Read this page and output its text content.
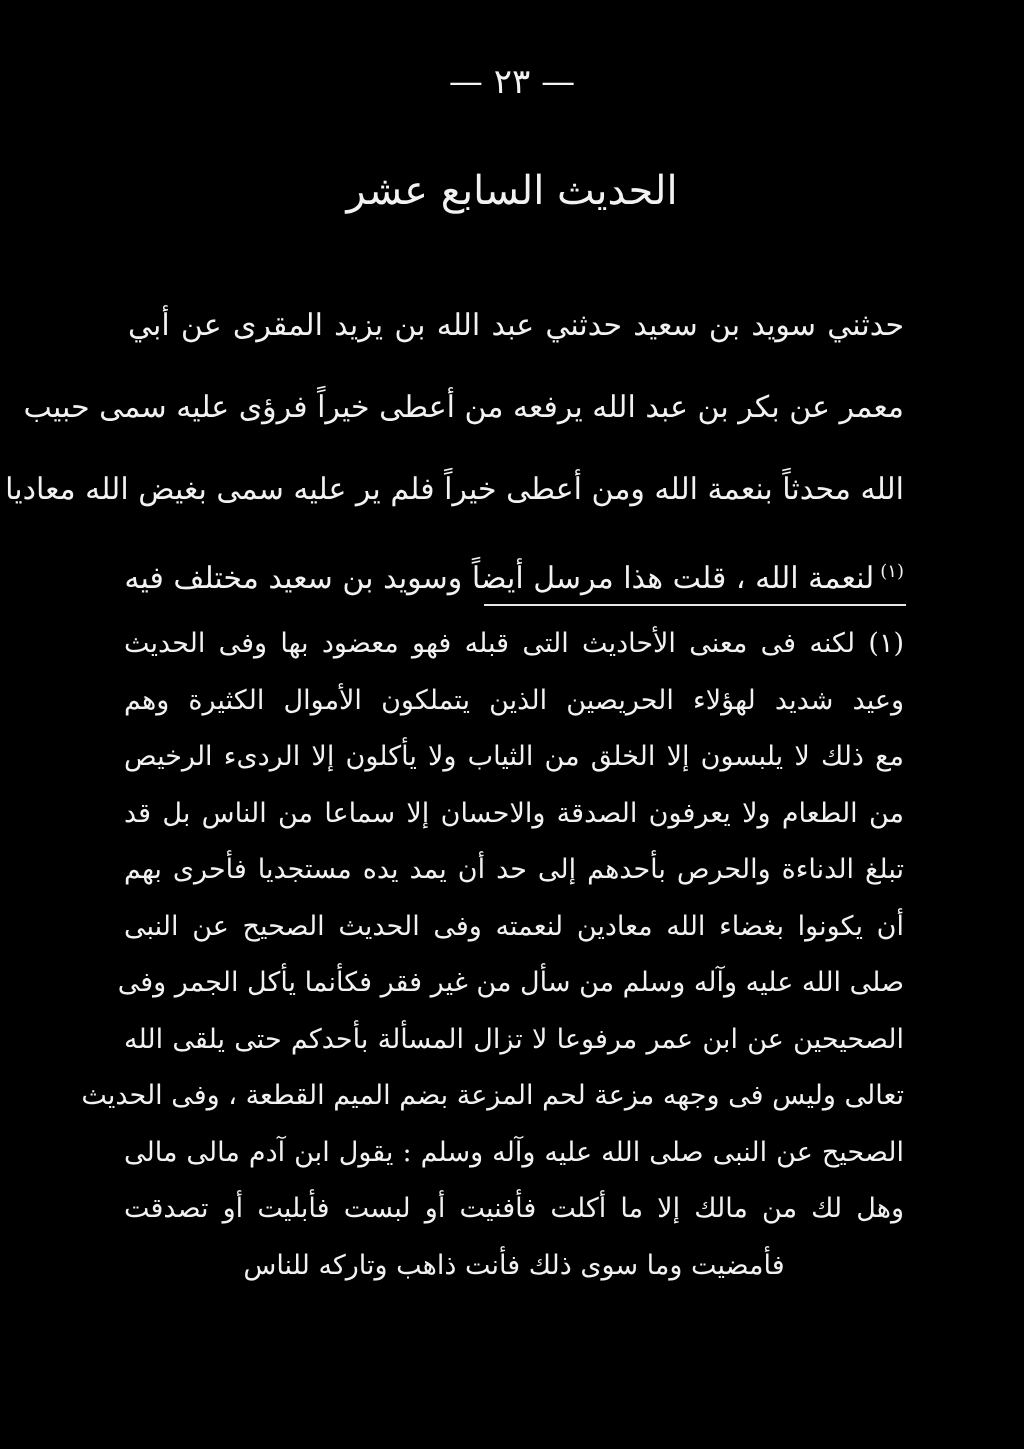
— ٢٣ —
الحديث السابع عشر
حدثني سويد بن سعيد حدثني عبد الله بن يزيد المقرى عن أبي
معمر عن بكر بن عبد الله يرفعه من أعطى خيراً فرؤى عليه سمى حبيب
الله محدثاً بنعمة الله ومن أعطى خيراً فلم ير عليه سمى بغيض الله معاديا
$^{(١)}$لنعمة الله ، قلت هذا مرسل أيضاً وسويد بن سعيد مختلف فيه
(١) لكنه فى معنى الأحاديث التى قبله فهو معضود بها وفى الحديث
وعيد شديد لهؤلاء الحريصين الذين يتملكون الأموال الكثيرة وهم
مع ذلك لا يلبسون إلا الخلق من الثياب ولا يأكلون إلا الردىء الرخيص
من الطعام ولا يعرفون الصدقة والاحسان إلا سماعا من الناس بل قد
تبلغ الدناءة والحرص بأحدهم إلى حد أن يمد يده مستجديا فأحرى بهم
أن يكونوا بغضاء الله معادين لنعمته وفى الحديث الصحيح عن النبى
صلى الله عليه وآله وسلم من سأل من غير فقر فكأنما يأكل الجمر وفى
الصحيحين عن ابن عمر مرفوعا لا تزال المسألة بأحدكم حتى يلقى الله
تعالى وليس فى وجهه مزعة لحم المزعة بضم الميم القطعة ، وفى الحديث
الصحيح عن النبى صلى الله عليه وآله وسلم : يقول ابن آدم مالى مالى
وهل لك من مالك إلا ما أكلت فأفنيت أو لبست فأبليت أو تصدقت
فأمضيت وما سوى ذلك فأنت ذاهب وتاركه للناس
